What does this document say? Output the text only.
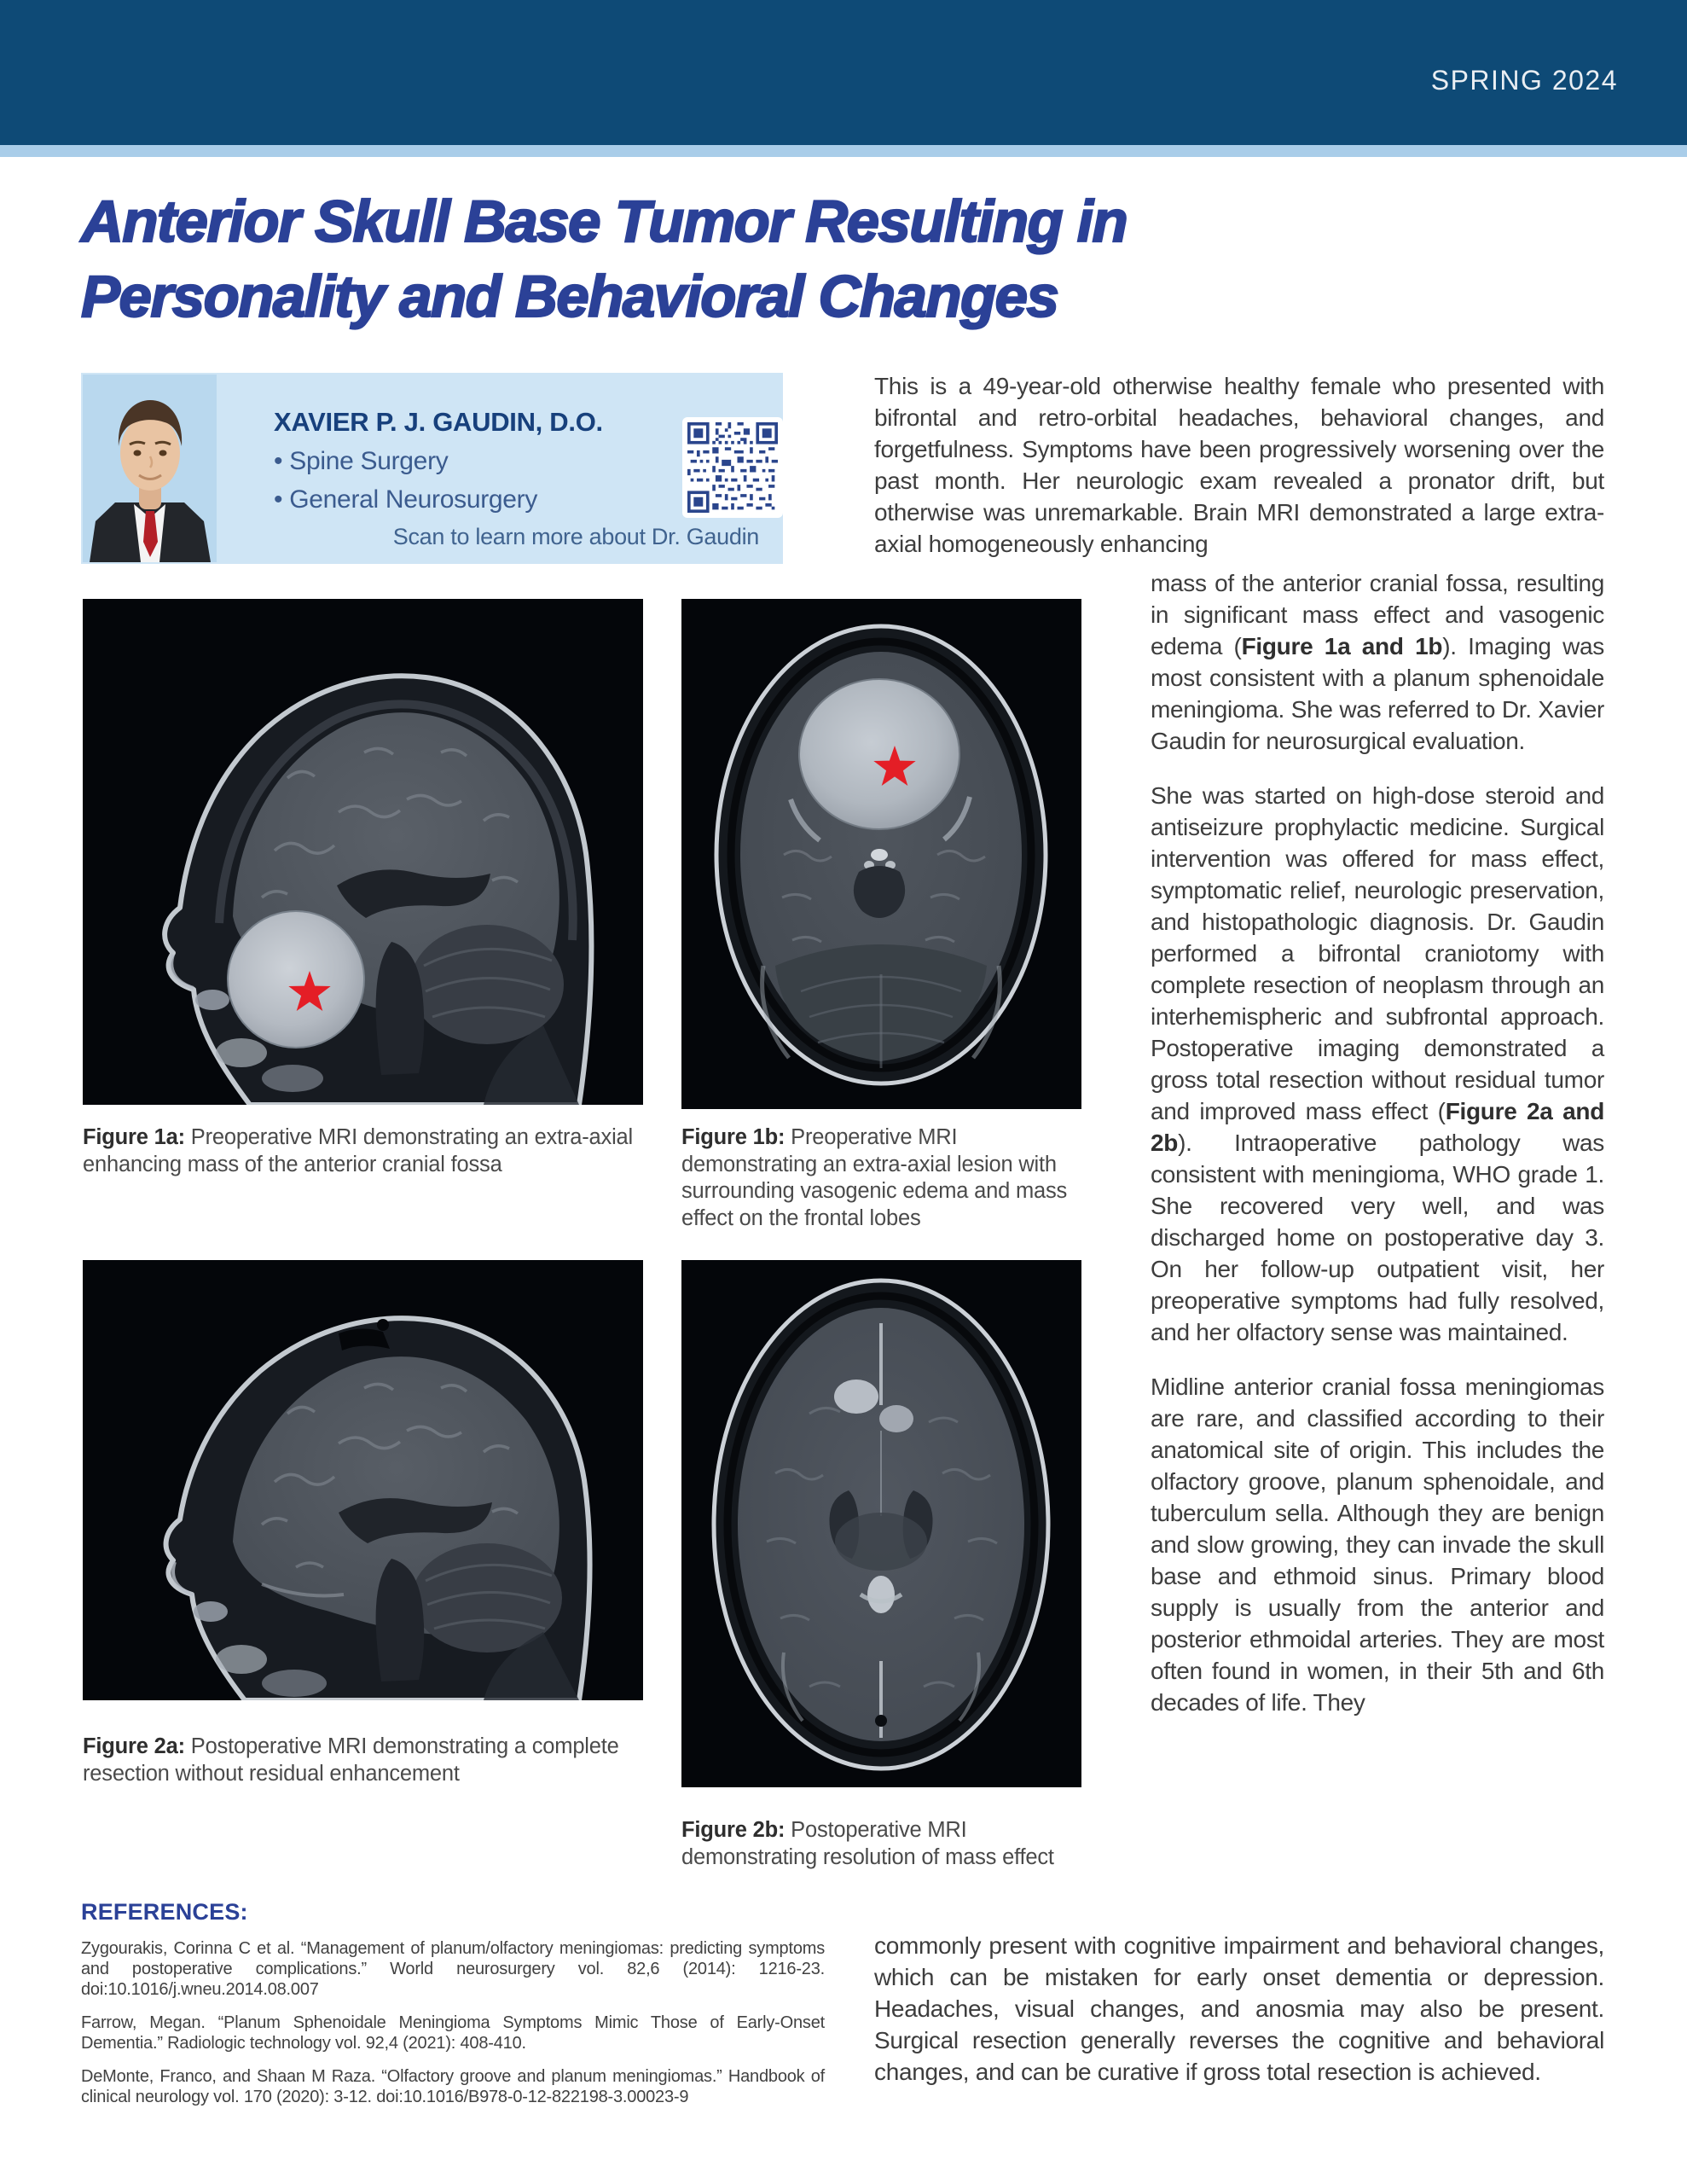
SPRING 2024
Anterior Skull Base Tumor Resulting in
Personality and Behavioral Changes
XAVIER P. J. GAUDIN, D.O.
• Spine Surgery
• General Neurosurgery
Scan to learn more about Dr. Gaudin
Figure 1a: Preoperative MRI demonstrating an extra-axial enhancing mass of the anterior cranial fossa
Figure 1b: Preoperative MRI demonstrating an extra-axial lesion with surrounding vasogenic edema and mass effect on the frontal lobes
Figure 2a: Postoperative MRI demonstrating a complete resection without residual enhancement
Figure 2b: Postoperative MRI demonstrating resolution of mass effect
This is a 49-year-old otherwise healthy female who presented with bifrontal and retro-orbital headaches, behavioral changes, and forgetfulness. Symptoms have been progressively worsening over the past month. Her neurologic exam revealed a pronator drift, but otherwise was unremarkable. Brain MRI demonstrated a large extra-axial homogeneously enhancing

mass of the anterior cranial fossa, resulting in significant mass effect and vasogenic edema (Figure 1a and 1b). Imaging was most consistent with a planum sphenoidale meningioma. She was referred to Dr. Xavier Gaudin for neurosurgical evaluation.

She was started on high-dose steroid and antiseizure prophylactic medicine. Surgical intervention was offered for mass effect, symptomatic relief, neurologic preservation, and histopathologic diagnosis. Dr. Gaudin performed a bifrontal craniotomy with complete resection of neoplasm through an interhemispheric and subfrontal approach. Postoperative imaging demonstrated a gross total resection without residual tumor and improved mass effect (Figure 2a and 2b). Intraoperative pathology was consistent with meningioma, WHO grade 1. She recovered very well, and was discharged home on postoperative day 3. On her follow-up outpatient visit, her preoperative symptoms had fully resolved, and her olfactory sense was maintained.

Midline anterior cranial fossa meningiomas are rare, and classified according to their anatomical site of origin. This includes the olfactory groove, planum sphenoidale, and tuberculum sella. Although they are benign and slow growing, they can invade the skull base and ethmoid sinus. Primary blood supply is usually from the anterior and posterior ethmoidal arteries. They are most often found in women, in their 5th and 6th decades of life. They

commonly present with cognitive impairment and behavioral changes, which can be mistaken for early onset dementia or depression. Headaches, visual changes, and anosmia may also be present. Surgical resection generally reverses the cognitive and behavioral changes, and can be curative if gross total resection is achieved.
REFERENCES:
Zygourakis, Corinna C et al. “Management of planum/olfactory meningiomas: predicting symptoms and postoperative complications.” World neurosurgery vol. 82,6 (2014): 1216-23. doi:10.1016/j.wneu.2014.08.007
Farrow, Megan. “Planum Sphenoidale Meningioma Symptoms Mimic Those of Early-Onset Dementia.” Radiologic technology vol. 92,4 (2021): 408-410.
DeMonte, Franco, and Shaan M Raza. “Olfactory groove and planum meningiomas.” Handbook of clinical neurology vol. 170 (2020): 3-12. doi:10.1016/B978-0-12-822198-3.00023-9
